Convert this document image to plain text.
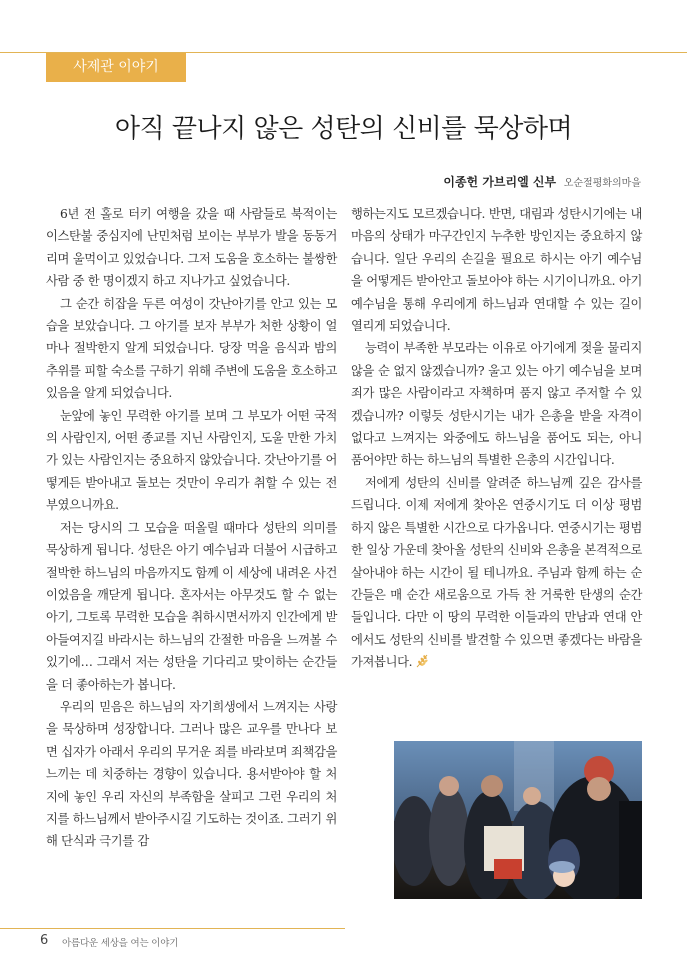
사제관 이야기
아직 끝나지 않은 성탄의 신비를 묵상하며
이종헌 가브리엘 신부 오순절평화의마을

6년 전 홀로 터키 여행을 갔을 때 사람들로 북적이는 이스탄불 중심지에 난민처럼 보이는 부부가 발을 동동거리며 울먹이고 있었습니다. 그저 도움을 호소하는 불쌍한 사람 중 한 명이겠지 하고 지나가고 싶었습니다.

그 순간 히잡을 두른 여성이 갓난아기를 안고 있는 모습을 보았습니다. 그 아기를 보자 부부가 처한 상황이 얼마나 절박한지 알게 되었습니다. 당장 먹을 음식과 밤의 추위를 피할 숙소를 구하기 위해 주변에 도움을 호소하고 있음을 알게 되었습니다.

눈앞에 놓인 무력한 아기를 보며 그 부모가 어떤 국적의 사람인지, 어떤 종교를 지닌 사람인지, 도울 만한 가치가 있는 사람인지는 중요하지 않았습니다. 갓난아기를 어떻게든 받아내고 돌보는 것만이 우리가 취할 수 있는 전부였으니까요.

저는 당시의 그 모습을 떠올릴 때마다 성탄의 의미를 묵상하게 됩니다. 성탄은 아기 예수님과 더불어 시급하고 절박한 하느님의 마음까지도 함께 이 세상에 내려온 사건이었음을 깨닫게 됩니다. 혼자서는 아무것도 할 수 없는 아기, 그토록 무력한 모습을 취하시면서까지 인간에게 받아들여지길 바라시는 하느님의 간절한 마음을 느껴볼 수 있기에… 그래서 저는 성탄을 기다리고 맞이하는 순간들을 더 좋아하는가 봅니다.

우리의 믿음은 하느님의 자기희생에서 느껴지는 사랑을 묵상하며 성장합니다. 그러나 많은 교우를 만나다 보면 십자가 아래서 우리의 무거운 죄를 바라보며 죄책감을 느끼는 데 치중하는 경향이 있습니다. 용서받아야 할 처지에 놓인 우리 자신의 부족함을 살피고 그런 우리의 처지를 하느님께서 받아주시길 기도하는 것이죠. 그러기 위해 단식과 극기를 감

행하는지도 모르겠습니다. 반면, 대림과 성탄시기에는 내 마음의 상태가 마구간인지 누추한 방인지는 중요하지 않습니다. 일단 우리의 손길을 필요로 하시는 아기 예수님을 어떻게든 받아안고 돌보아야 하는 시기이니까요. 아기 예수님을 통해 우리에게 하느님과 연대할 수 있는 길이 열리게 되었습니다.

능력이 부족한 부모라는 이유로 아기에게 젖을 물리지 않을 순 없지 않겠습니까? 울고 있는 아기 예수님을 보며 죄가 많은 사람이라고 자책하며 품지 않고 주저할 수 있겠습니까? 이렇듯 성탄시기는 내가 은총을 받을 자격이 없다고 느껴지는 와중에도 하느님을 품어도 되는, 아니 품어야만 하는 하느님의 특별한 은총의 시간입니다.

저에게 성탄의 신비를 알려준 하느님께 깊은 감사를 드립니다. 이제 저에게 찾아온 연중시기도 더 이상 평범하지 않은 특별한 시간으로 다가옵니다. 연중시기는 평범한 일상 가운데 찾아올 성탄의 신비와 은총을 본격적으로 살아내야 하는 시간이 될 테니까요. 주님과 함께 하는 순간들은 매 순간 새로움으로 가득 찬 거룩한 탄생의 순간들입니다. 다만 이 땅의 무력한 이들과의 만남과 연대 안에서도 성탄의 신비를 발견할 수 있으면 좋겠다는 바람을 가져봅니다.

6 아름다운 세상을 여는 이야기
